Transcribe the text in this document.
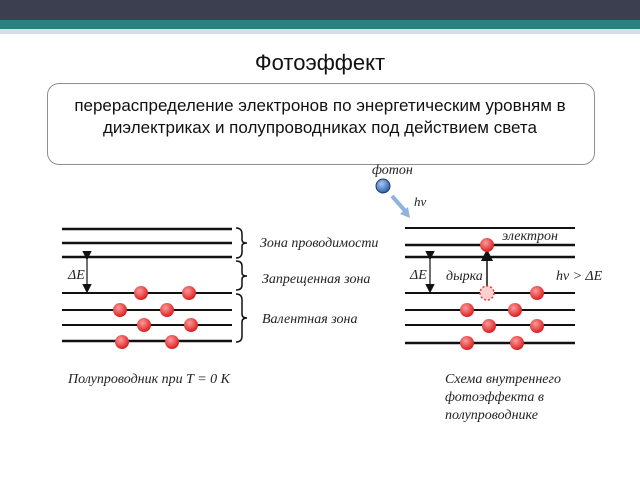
Фотоэффект
перераспределение электронов по энергетическим уровням в диэлектриках и полупроводниках под действием света
ΔE
Зона проводимости
Запрещенная зона
Валентная зона
Полупроводник при T = 0 K
фотон
hν
ΔE
электрон
дырка	hν > ΔE
Схема внутреннего
фотоэффекта в
полупроводнике
